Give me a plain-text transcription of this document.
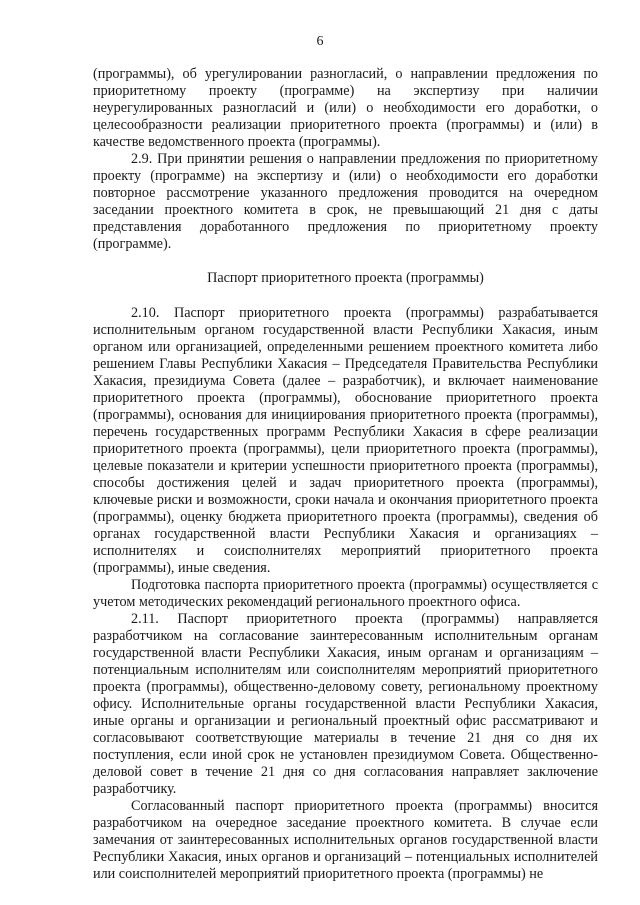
6

(программы), об урегулировании разногласий, о направлении предложения по приоритетному проекту (программе) на экспертизу при наличии неурегулированных разногласий и (или) о необходимости его доработки, о целесообразности реализации приоритетного проекта (программы) и (или) в качестве ведомственного проекта (программы).

2.9. При принятии решения о направлении предложения по приоритетному проекту (программе) на экспертизу и (или) о необходимости его доработки повторное рассмотрение указанного предложения проводится на очередном заседании проектного комитета в срок, не превышающий 21 дня с даты представления доработанного предложения по приоритетному проекту (программе).

Паспорт приоритетного проекта (программы)

2.10. Паспорт приоритетного проекта (программы) разрабатывается исполнительным органом государственной власти Республики Хакасия, иным органом или организацией, определенными решением проектного комитета либо решением Главы Республики Хакасия – Председателя Правительства Республики Хакасия, президиума Совета (далее – разработчик), и включает наименование приоритетного проекта (программы), обоснование приоритетного проекта (программы), основания для инициирования приоритетного проекта (программы), перечень государственных программ Республики Хакасия в сфере реализации приоритетного проекта (программы), цели приоритетного проекта (программы), целевые показатели и критерии успешности приоритетного проекта (программы), способы достижения целей и задач приоритетного проекта (программы), ключевые риски и возможности, сроки начала и окончания приоритетного проекта (программы), оценку бюджета приоритетного проекта (программы), сведения об органах государственной власти Республики Хакасия и организациях – исполнителях и соисполнителях мероприятий приоритетного проекта (программы), иные сведения.

Подготовка паспорта приоритетного проекта (программы) осуществляется с учетом методических рекомендаций регионального проектного офиса.

2.11. Паспорт приоритетного проекта (программы) направляется разработчиком на согласование заинтересованным исполнительным органам государственной власти Республики Хакасия, иным органам и организациям – потенциальным исполнителям или соисполнителям мероприятий приоритетного проекта (программы), общественно-деловому совету, региональному проектному офису. Исполнительные органы государственной власти Республики Хакасия, иные органы и организации и региональный проектный офис рассматривают и согласовывают соответствующие материалы в течение 21 дня со дня их поступления, если иной срок не установлен президиумом Совета. Общественно-деловой совет в течение 21 дня со дня согласования направляет заключение разработчику.

Согласованный паспорт приоритетного проекта (программы) вносится разработчиком на очередное заседание проектного комитета. В случае если замечания от заинтересованных исполнительных органов государственной власти Республики Хакасия, иных органов и организаций – потенциальных исполнителей или соисполнителей мероприятий приоритетного проекта (программы) не
